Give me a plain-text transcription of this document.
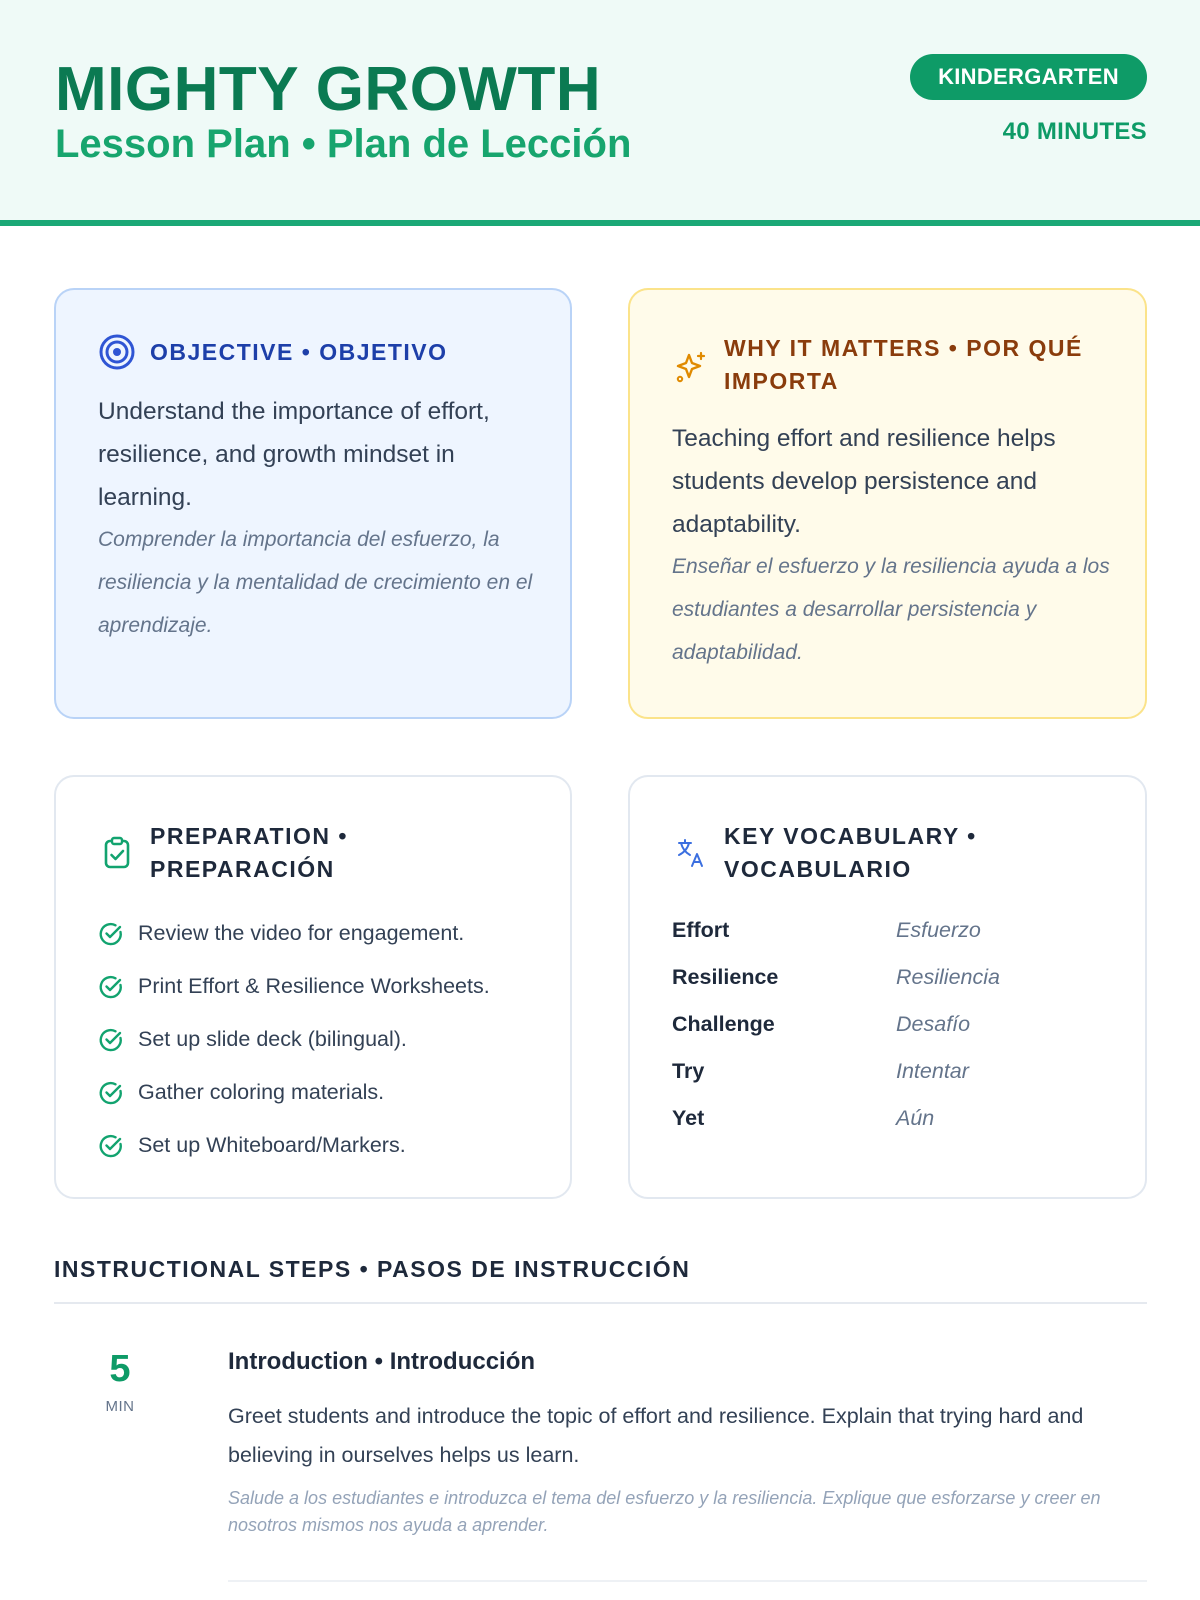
MIGHTY GROWTH
Lesson Plan • Plan de Lección
KINDERGARTEN
40 MINUTES
OBJECTIVE • OBJETIVO
Understand the importance of effort, resilience, and growth mindset in learning.
Comprender la importancia del esfuerzo, la resiliencia y la mentalidad de crecimiento en el aprendizaje.
WHY IT MATTERS • POR QUÉ IMPORTA
Teaching effort and resilience helps students develop persistence and adaptability.
Enseñar el esfuerzo y la resiliencia ayuda a los estudiantes a desarrollar persistencia y adaptabilidad.
PREPARATION • PREPARACIÓN
Review the video for engagement.
Print Effort & Resilience Worksheets.
Set up slide deck (bilingual).
Gather coloring materials.
Set up Whiteboard/Markers.
KEY VOCABULARY • VOCABULARIO
Effort	Esfuerzo
Resilience	Resiliencia
Challenge	Desafío
Try	Intentar
Yet	Aún
INSTRUCTIONAL STEPS • PASOS DE INSTRUCCIÓN
5
MIN
Introduction • Introducción
Greet students and introduce the topic of effort and resilience. Explain that trying hard and believing in ourselves helps us learn.
Salude a los estudiantes e introduzca el tema del esfuerzo y la resiliencia. Explique que esforzarse y creer en nosotros mismos nos ayuda a aprender.
